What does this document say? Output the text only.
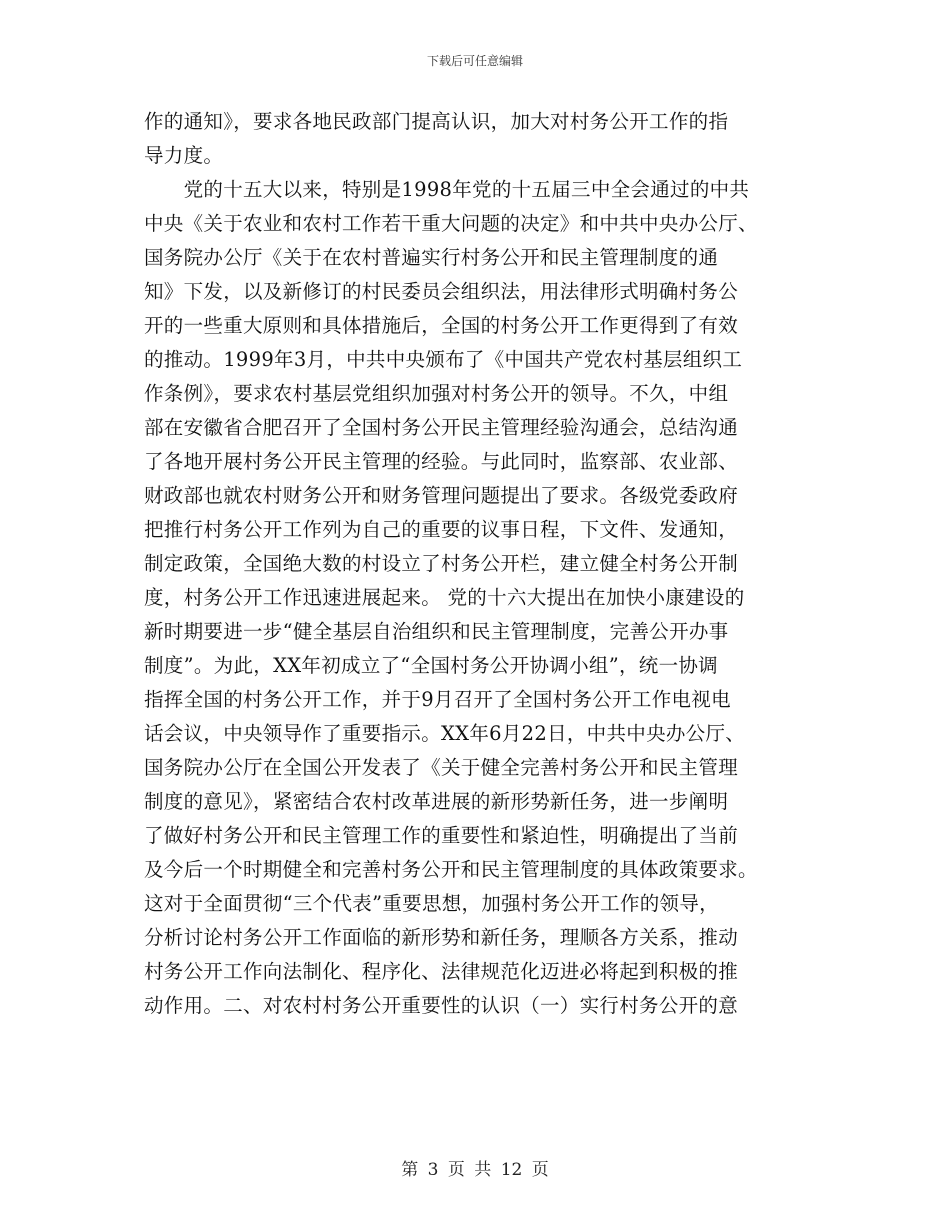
下载后可任意编辑
作的通知》，要求各地民政部门提高认识，加大对村务公开工作的指
导力度。
　　党的十五大以来，特别是1998年党的十五届三中全会通过的中共
中央《关于农业和农村工作若干重大问题的决定》和中共中央办公厅、
国务院办公厅《关于在农村普遍实行村务公开和民主管理制度的通
知》下发，以及新修订的村民委员会组织法，用法律形式明确村务公
开的一些重大原则和具体措施后，全国的村务公开工作更得到了有效
的推动。1999年3月，中共中央颁布了《中国共产党农村基层组织工
作条例》，要求农村基层党组织加强对村务公开的领导。不久，中组
部在安徽省合肥召开了全国村务公开民主管理经验沟通会，总结沟通
了各地开展村务公开民主管理的经验。与此同时，监察部、农业部、
财政部也就农村财务公开和财务管理问题提出了要求。各级党委政府
把推行村务公开工作列为自己的重要的议事日程，下文件、发通知，
制定政策，全国绝大数的村设立了村务公开栏，建立健全村务公开制
度，村务公开工作迅速进展起来。 党的十六大提出在加快小康建设的
新时期要进一步“健全基层自治组织和民主管理制度，完善公开办事
制度”。为此，XX年初成立了“全国村务公开协调小组”，统一协调
指挥全国的村务公开工作，并于9月召开了全国村务公开工作电视电
话会议，中央领导作了重要指示。XX年6月22日，中共中央办公厅、
国务院办公厅在全国公开发表了《关于健全完善村务公开和民主管理
制度的意见》，紧密结合农村改革进展的新形势新任务，进一步阐明
了做好村务公开和民主管理工作的重要性和紧迫性，明确提出了当前
及今后一个时期健全和完善村务公开和民主管理制度的具体政策要求。
这对于全面贯彻“三个代表”重要思想，加强村务公开工作的领导，
分析讨论村务公开工作面临的新形势和新任务，理顺各方关系，推动
村务公开工作向法制化、程序化、法律规范化迈进必将起到积极的推
动作用。二、对农村村务公开重要性的认识（一）实行村务公开的意
第 3 页 共 12 页
